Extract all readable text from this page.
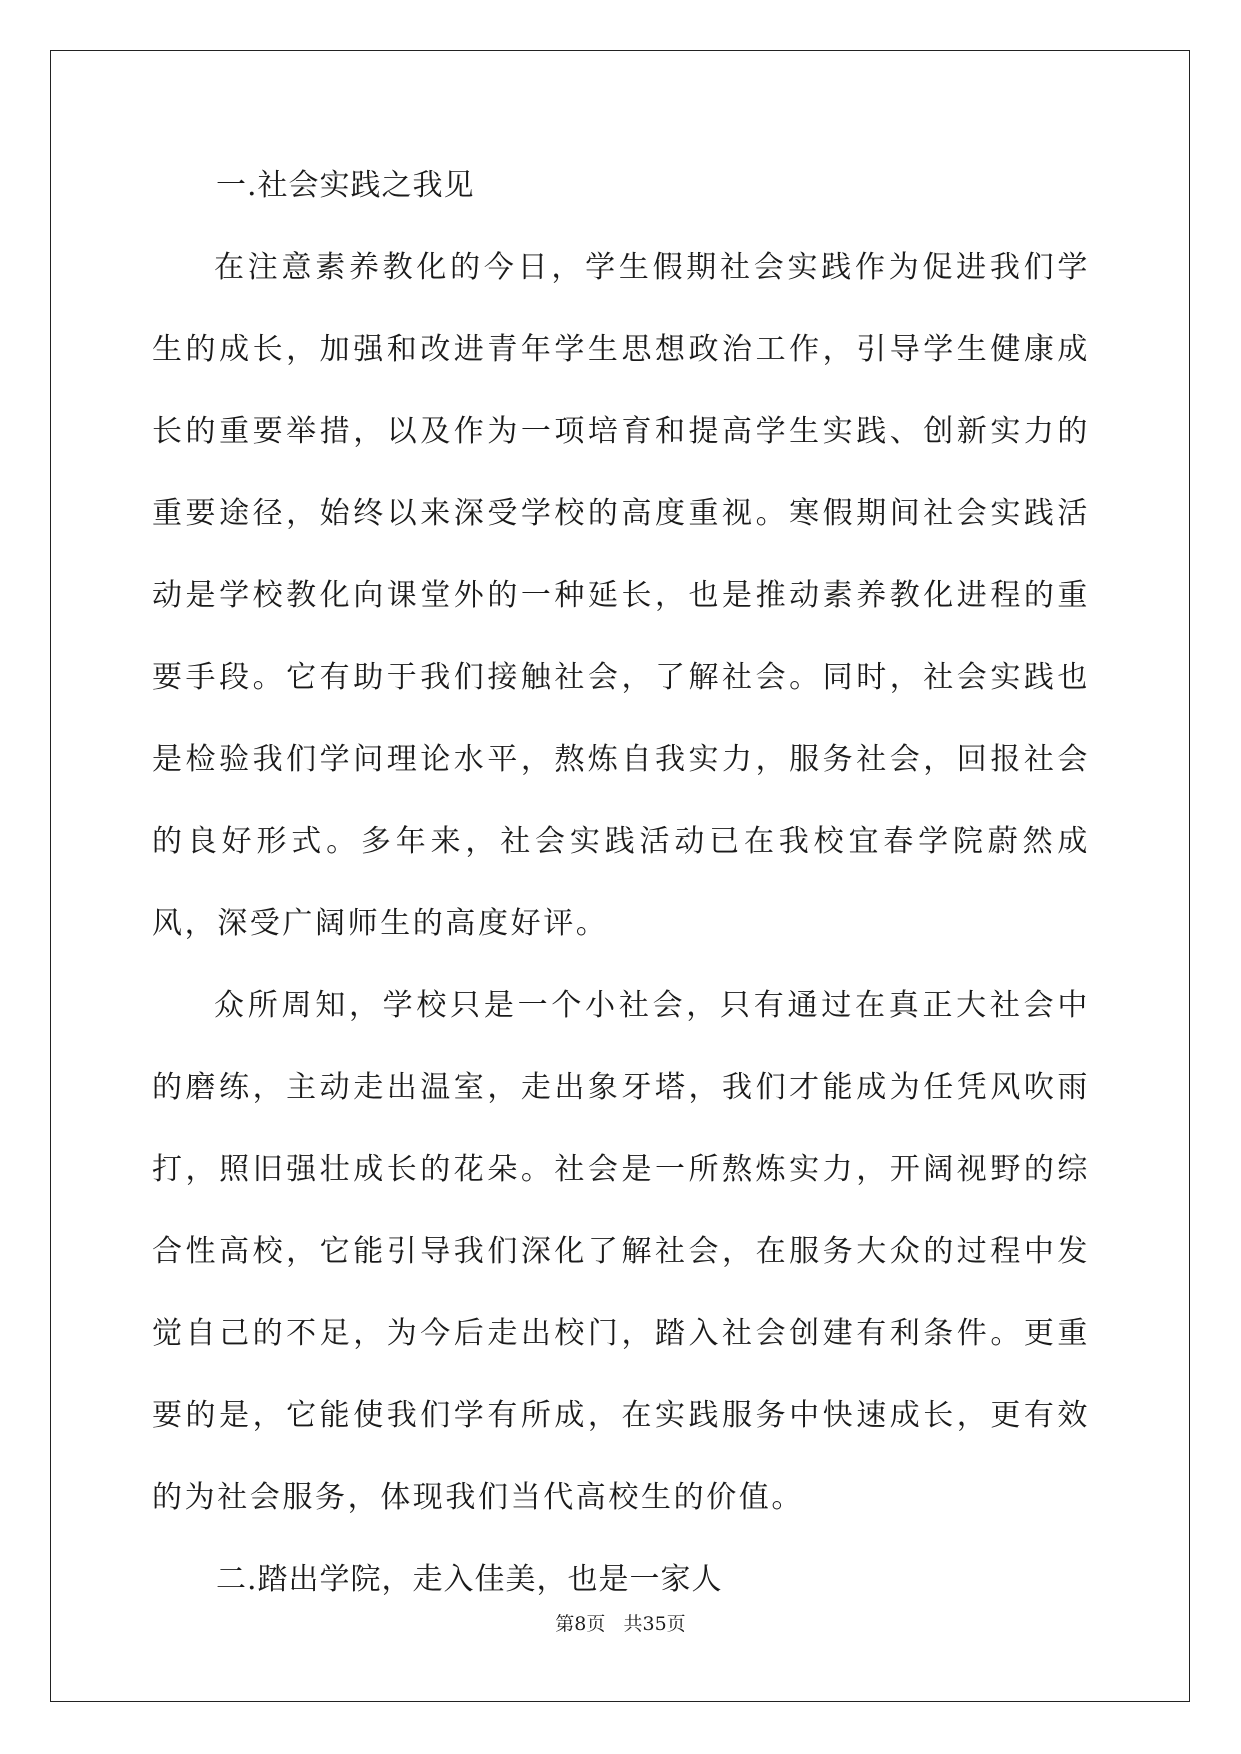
一.社会实践之我见

在注意素养教化的今日，学生假期社会实践作为促进我们学生的成长，加强和改进青年学生思想政治工作，引导学生健康成长的重要举措，以及作为一项培育和提高学生实践、创新实力的重要途径，始终以来深受学校的高度重视。寒假期间社会实践活动是学校教化向课堂外的一种延长，也是推动素养教化进程的重要手段。它有助于我们接触社会，了解社会。同时，社会实践也是检验我们学问理论水平，熬炼自我实力，服务社会，回报社会的良好形式。多年来，社会实践活动已在我校宜春学院蔚然成风，深受广阔师生的高度好评。

众所周知，学校只是一个小社会，只有通过在真正大社会中的磨练，主动走出温室，走出象牙塔，我们才能成为任凭风吹雨打，照旧强壮成长的花朵。社会是一所熬炼实力，开阔视野的综合性高校，它能引导我们深化了解社会，在服务大众的过程中发觉自己的不足，为今后走出校门，踏入社会创建有利条件。更重要的是，它能使我们学有所成，在实践服务中快速成长，更有效的为社会服务，体现我们当代高校生的价值。

二.踏出学院，走入佳美，也是一家人

第8页   共35页
